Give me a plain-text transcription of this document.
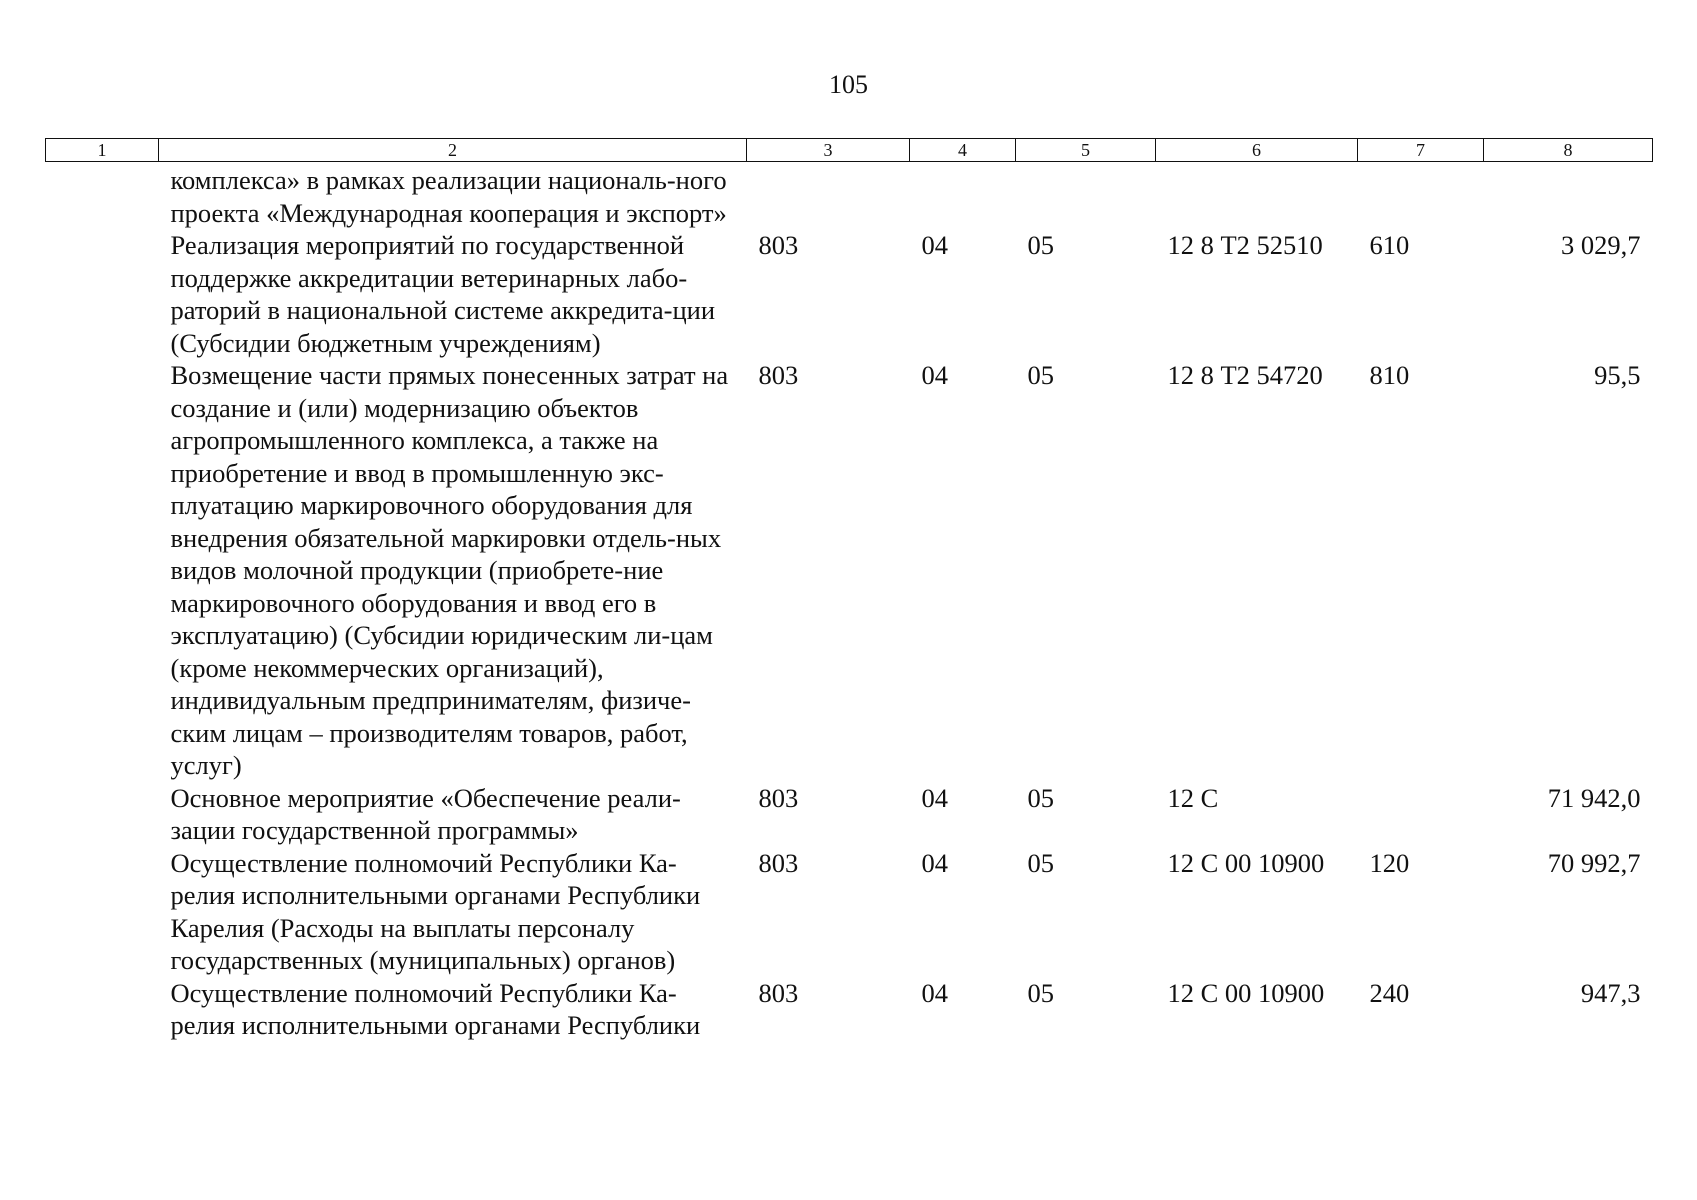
105
1	2	3	4	5	6	7	8
	комплекса» в рамках реализации националь-ного проекта «Международная кооперация и экспорт»						
	Реализация мероприятий по государственной поддержке аккредитации ветеринарных лабо-раторий в национальной системе аккредита-ции (Субсидии бюджетным учреждениям)	803	04	05	12 8 Т2 52510	610	3 029,7
	Возмещение части прямых понесенных затрат на создание и (или) модернизацию объектов агропромышленного комплекса, а также на приобретение и ввод в промышленную экс-плуатацию маркировочного оборудования для внедрения обязательной маркировки отдель-ных видов молочной продукции (приобрете-ние маркировочного оборудования и ввод его в эксплуатацию) (Субсидии юридическим ли-цам (кроме некоммерческих организаций), индивидуальным предпринимателям, физиче-ским лицам – производителям товаров, работ, услуг)	803	04	05	12 8 Т2 54720	810	95,5
	Основное мероприятие «Обеспечение реали-зации государственной программы»	803	04	05	12 С		71 942,0
	Осуществление полномочий Республики Ка-релия исполнительными органами Республики Карелия (Расходы на выплаты персоналу государственных (муниципальных) органов)	803	04	05	12 С 00 10900	120	70 992,7
	Осуществление полномочий Республики Ка-релия исполнительными органами Республики	803	04	05	12 С 00 10900	240	947,3
